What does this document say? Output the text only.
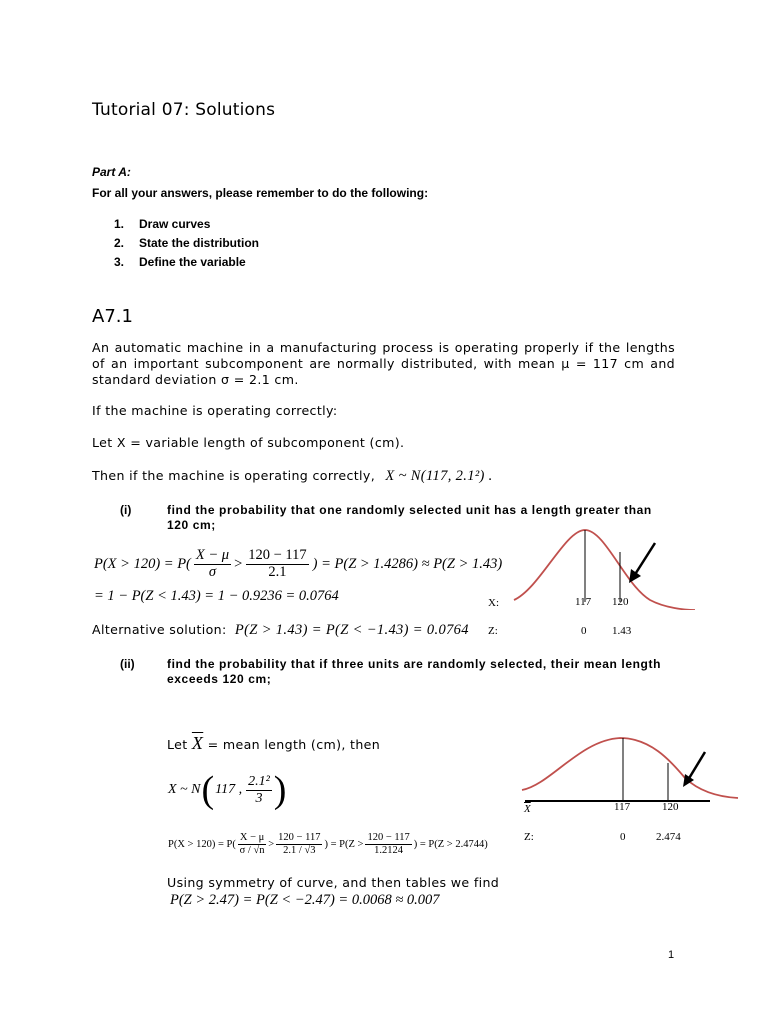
Tutorial 07: Solutions
Part A:
For all your answers, please remember to do the following:
1. Draw curves
2. State the distribution
3. Define the variable
A7.1

An automatic machine in a manufacturing process is operating properly if the lengths of an important subcomponent are normally distributed, with mean μ = 117 cm and standard deviation σ = 2.1 cm.

If the machine is operating correctly:
Let X = variable length of subcomponent (cm).
Then if the machine is operating correctly, X ~ N(117, 2.1²) .
(i)	find the probability that one randomly selected unit has a length greater than 120 cm;
$P(X > 120) = P( \frac{X - \mu}{\sigma} > \frac{120 - 117}{2.1}$ ) = P(Z > 1.4286) ≈ P(Z > 1.43)
= 1 − P(Z < 1.43) = 1 − 0.9236 = 0.0764
Alternative solution: P(Z > 1.43) = P(Z < −1.43) = 0.0764
X:	117 120
Z:	0 1.43
(ii)	find the probability that if three units are randomly selected, their mean length exceeds 120 cm;
Let $\overline{X}$ = mean length (cm), then
X ~ N ( 117 , $\frac{\text{2.1²}}{3}$ )
$P(X > 120) = P( \frac{X - \mu}{\sigma / √n} > \frac{120 - 117}{2.1 / √3}$ ) = $P(Z > \frac{120 - 117}{1.2124}$ ) = P(Z > 2.4744)
Using symmetry of curve, and then tables we find
P(Z > 2.47) = P(Z < −2.47) = 0.0068 ≈ 0.007
$\overline{X}$	117	120
Z:	0	2.474
1
